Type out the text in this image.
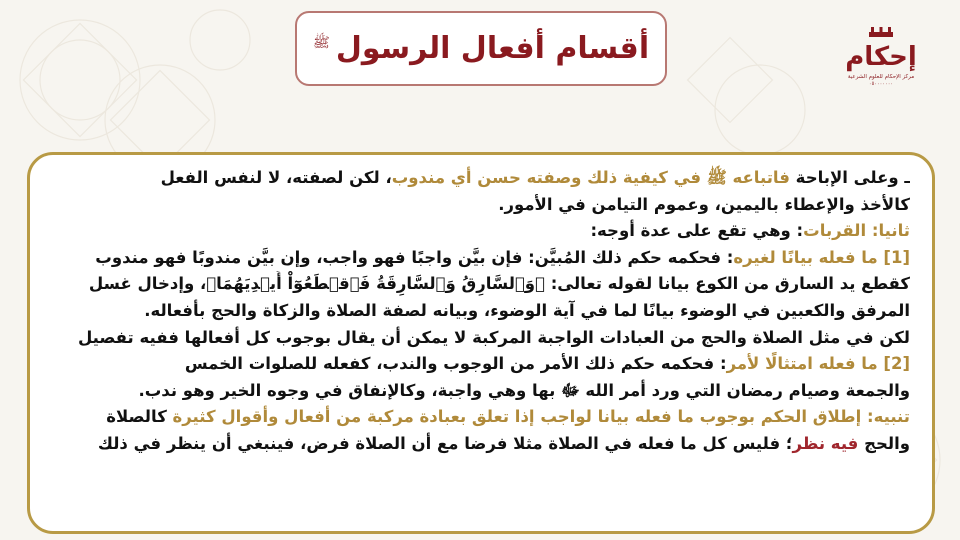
أقسام أفعال الرسول
ﷺ	إحكام
مركز الإحكام للعلوم الشرعية
٠٥٠٠٠٠٠٠٠
ـ وعلى الإباحة فاتباعه ﷺ في كيفية ذلك وصفته حسن أي مندوب، لكن لصفته، لا لنفس الفعل
كالأخذ والإعطاء باليمين، وعموم التيامن في الأمور.
ثانيا: القربات: وهي تقع على عدة أوجه:
[1] ما فعله بيانًا لغيره: فحكمه حكم ذلك المُبيَّن: فإن بيَّن واجبًا فهو واجب، وإن بيَّن مندوبًا فهو مندوب
كقطع يد السارق من الكوع بيانا لقوله تعالى: ﴿وَٱلسَّارِقُ وَٱلسَّارِقَةُ فَٱقۡطَعُوٓاْ أَيۡدِيَهُمَا﴾، وإدخال غسل
المرفق والكعبين في الوضوء بيانًا لما في آية الوضوء، وبيانه لصفة الصلاة والزكاة والحج بأفعاله.
لكن في مثل الصلاة والحج من العبادات الواجبة المركبة لا يمكن أن يقال بوجوب كل أفعالها ففيه تفصيل
[2] ما فعله امتثالًا لأمر: فحكمه حكم ذلك الأمر من الوجوب والندب، كفعله للصلوات الخمس
والجمعة وصيام رمضان التي ورد أمر الله ﷻ بها وهي واجبة، وكالإنفاق في وجوه الخير وهو ندب.
تنبيه: إطلاق الحكم بوجوب ما فعله بيانا لواجب إذا تعلق بعبادة مركبة من أفعال وأقوال كثيرة كالصلاة
والحج فيه نظر؛ فليس كل ما فعله في الصلاة مثلا فرضا مع أن الصلاة فرض، فينبغي أن ينظر في ذلك
